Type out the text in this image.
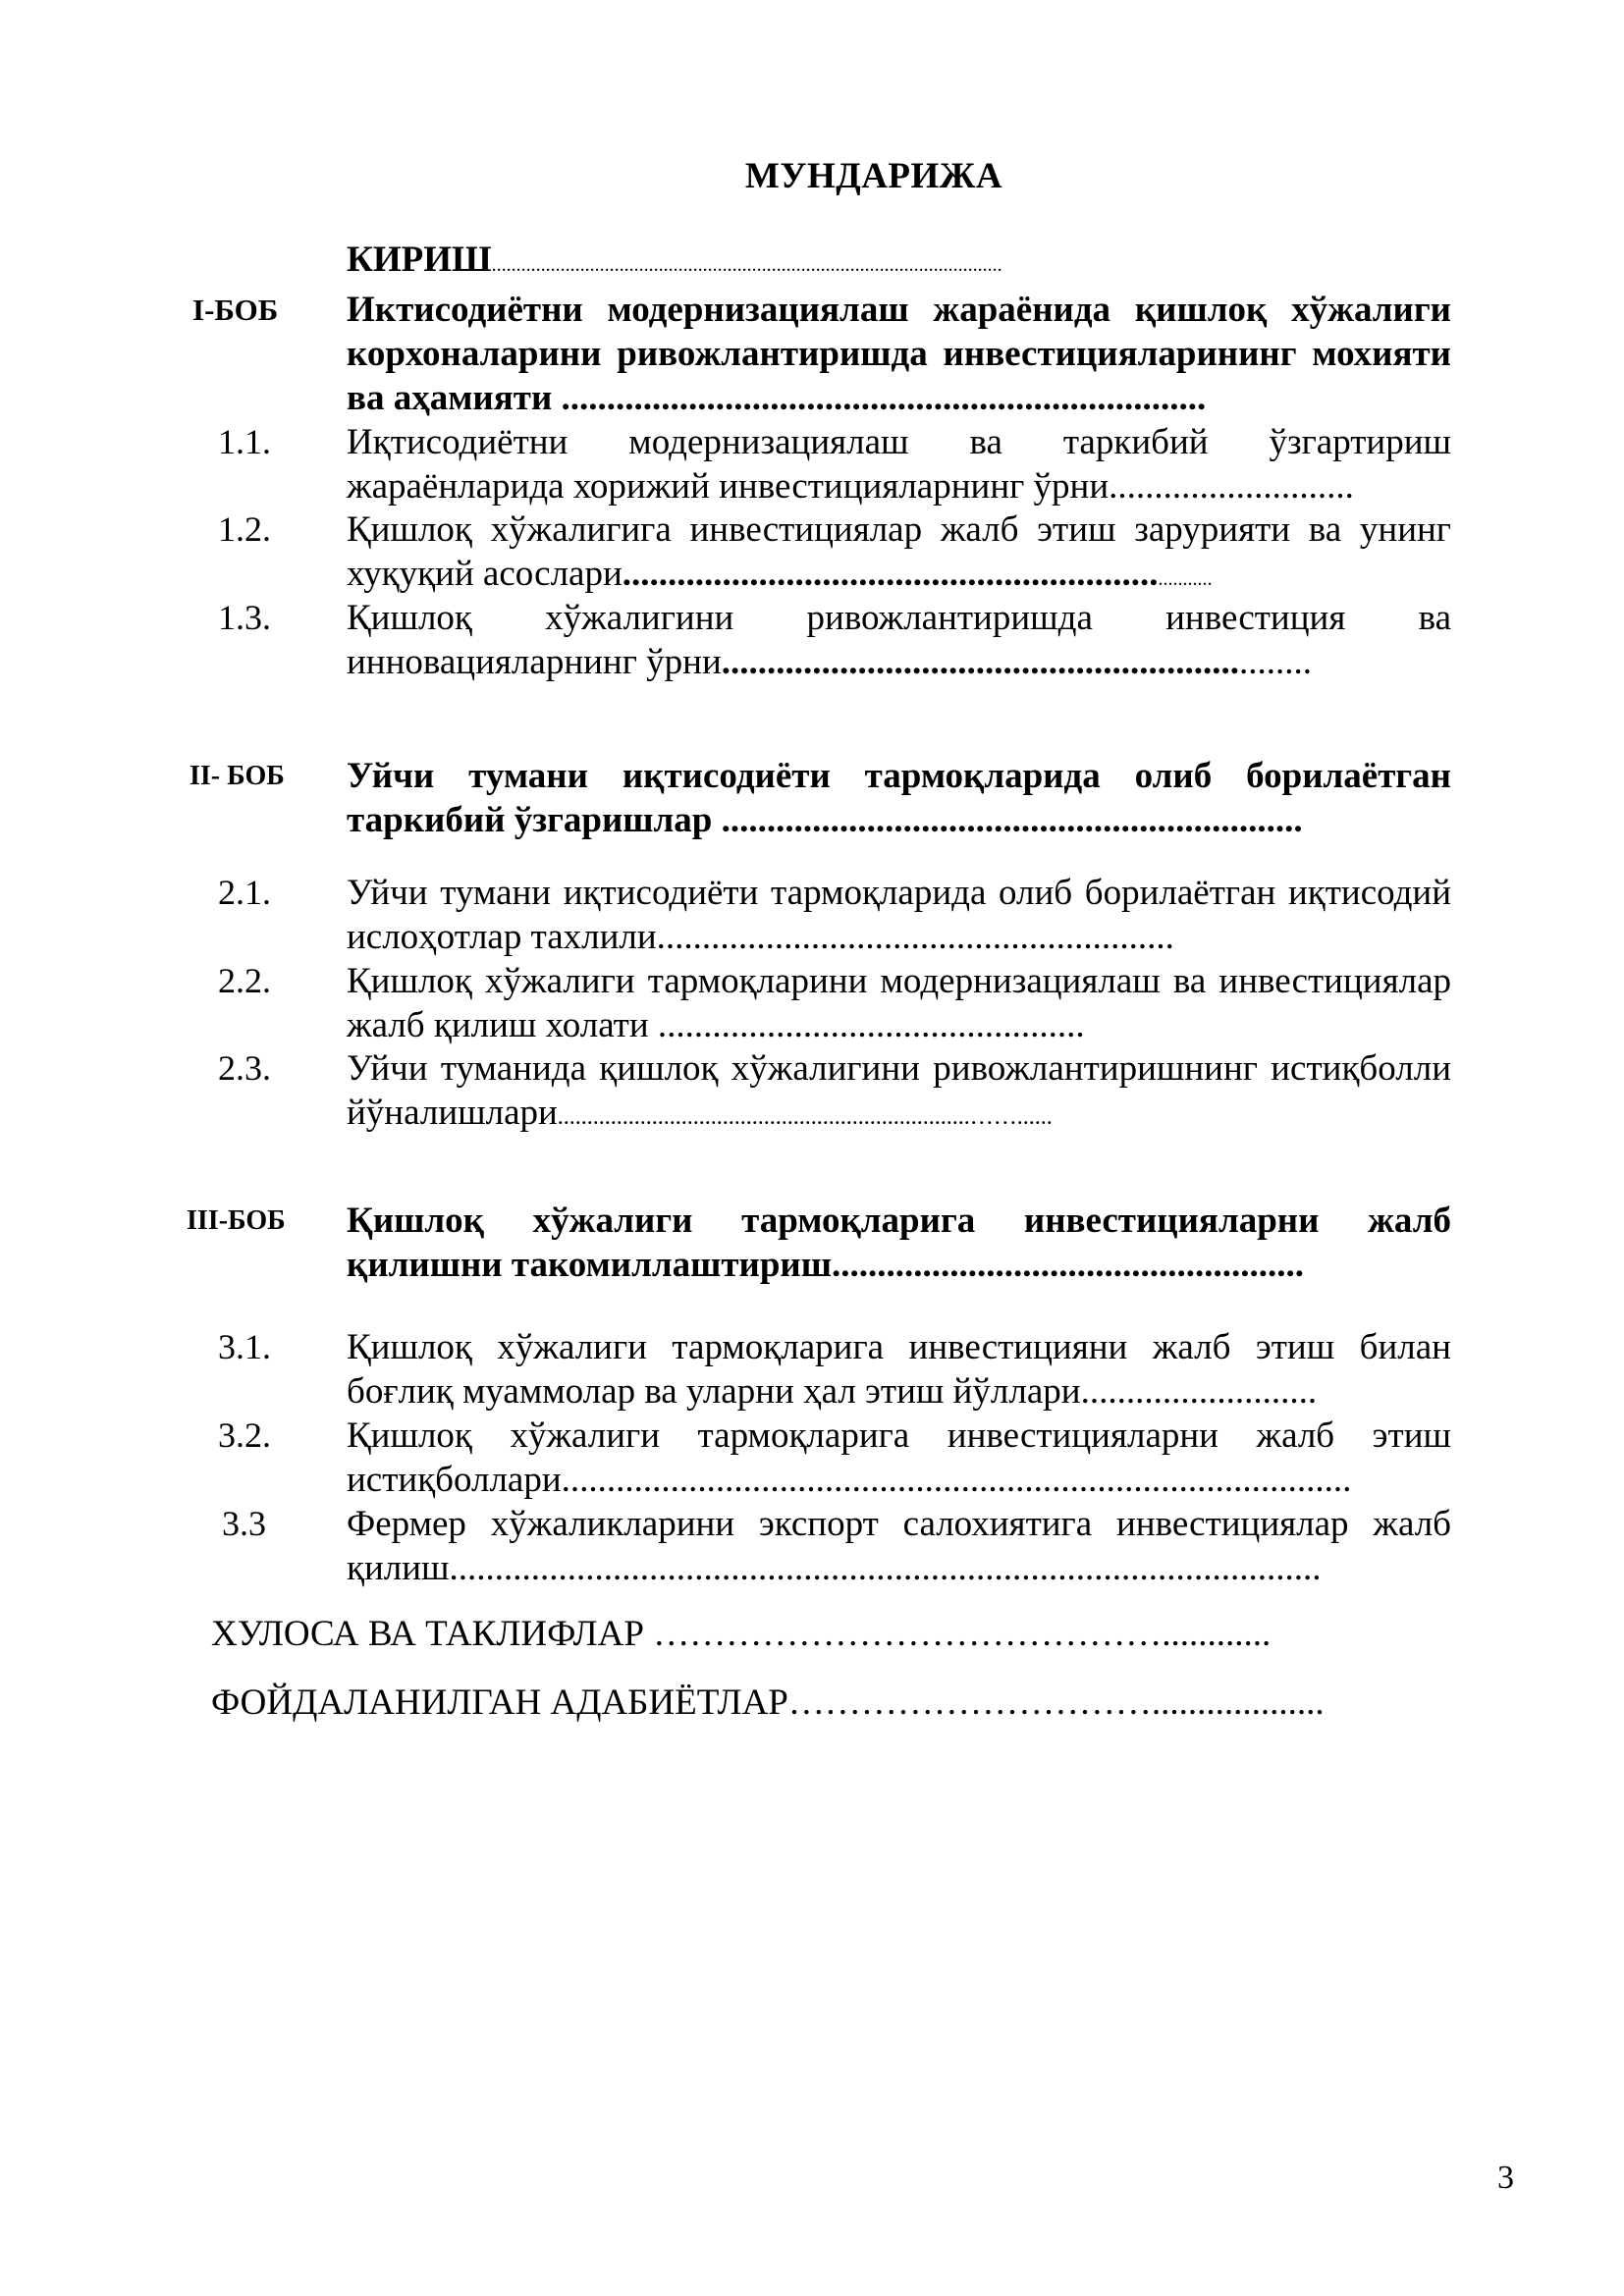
МУНДАРИЖА
КИРИШ........................................................................................................
I-БОБ Иктисодиётни модернизациялаш жараёнида қишлоқ хўжалиги корхоналарини ривожлантиришда инвестицияларининг мохияти ва аҳамияти .......................................................................
1.1. Иқтисодиётни модернизациялаш ва таркибий ўзгартириш жараёнларида хорижий инвестицияларнинг ўрни...........................
1.2. Қишлоқ хўжалигига инвестициялар жалб этиш зарурияти ва унинг хуқуқий асослари......................................................................
1.3. Қишлоқ хўжалигини ривожлантиришда инвестиция ва инновацияларнинг ўрни.................................................................
II- БОБ Уйчи тумани иқтисодиёти тармоқларида олиб борилаётган таркибий ўзгаришлар ................................................................
2.1. Уйчи тумани иқтисодиёти тармоқларида олиб борилаётган иқтисодий ислоҳотлар тахлили.........................................................
2.2. Қишлоқ хўжалиги тармоқларини модернизациялаш ва инвестициялар жалб қилиш холати ...............................................
2.3. Уйчи туманида қишлоқ хўжалигини ривожлантиришнинг истиқболли йўналишлари......................................................................……......
III-БОБ Қишлоқ хўжалиги тармоқларига инвестицияларни жалб қилишни такомиллаштириш....................................................
3.1. Қишлоқ хўжалиги тармоқларига инвестицияни жалб этиш билан боғлиқ муаммолар ва уларни ҳал этиш йўллари..........................
3.2. Қишлоқ хўжалиги тармоқларига инвестицияларни жалб этиш истиқболлари.......................................................................................
3.3 Фермер хўжаликларини экспорт салохиятига инвестициялар жалб қилиш................................................................................................
ХУЛОСА ВА ТАКЛИФЛАР ……………………………………............
ФОЙДАЛАНИЛГАН АДАБИЁТЛАР…………………………...................
3
